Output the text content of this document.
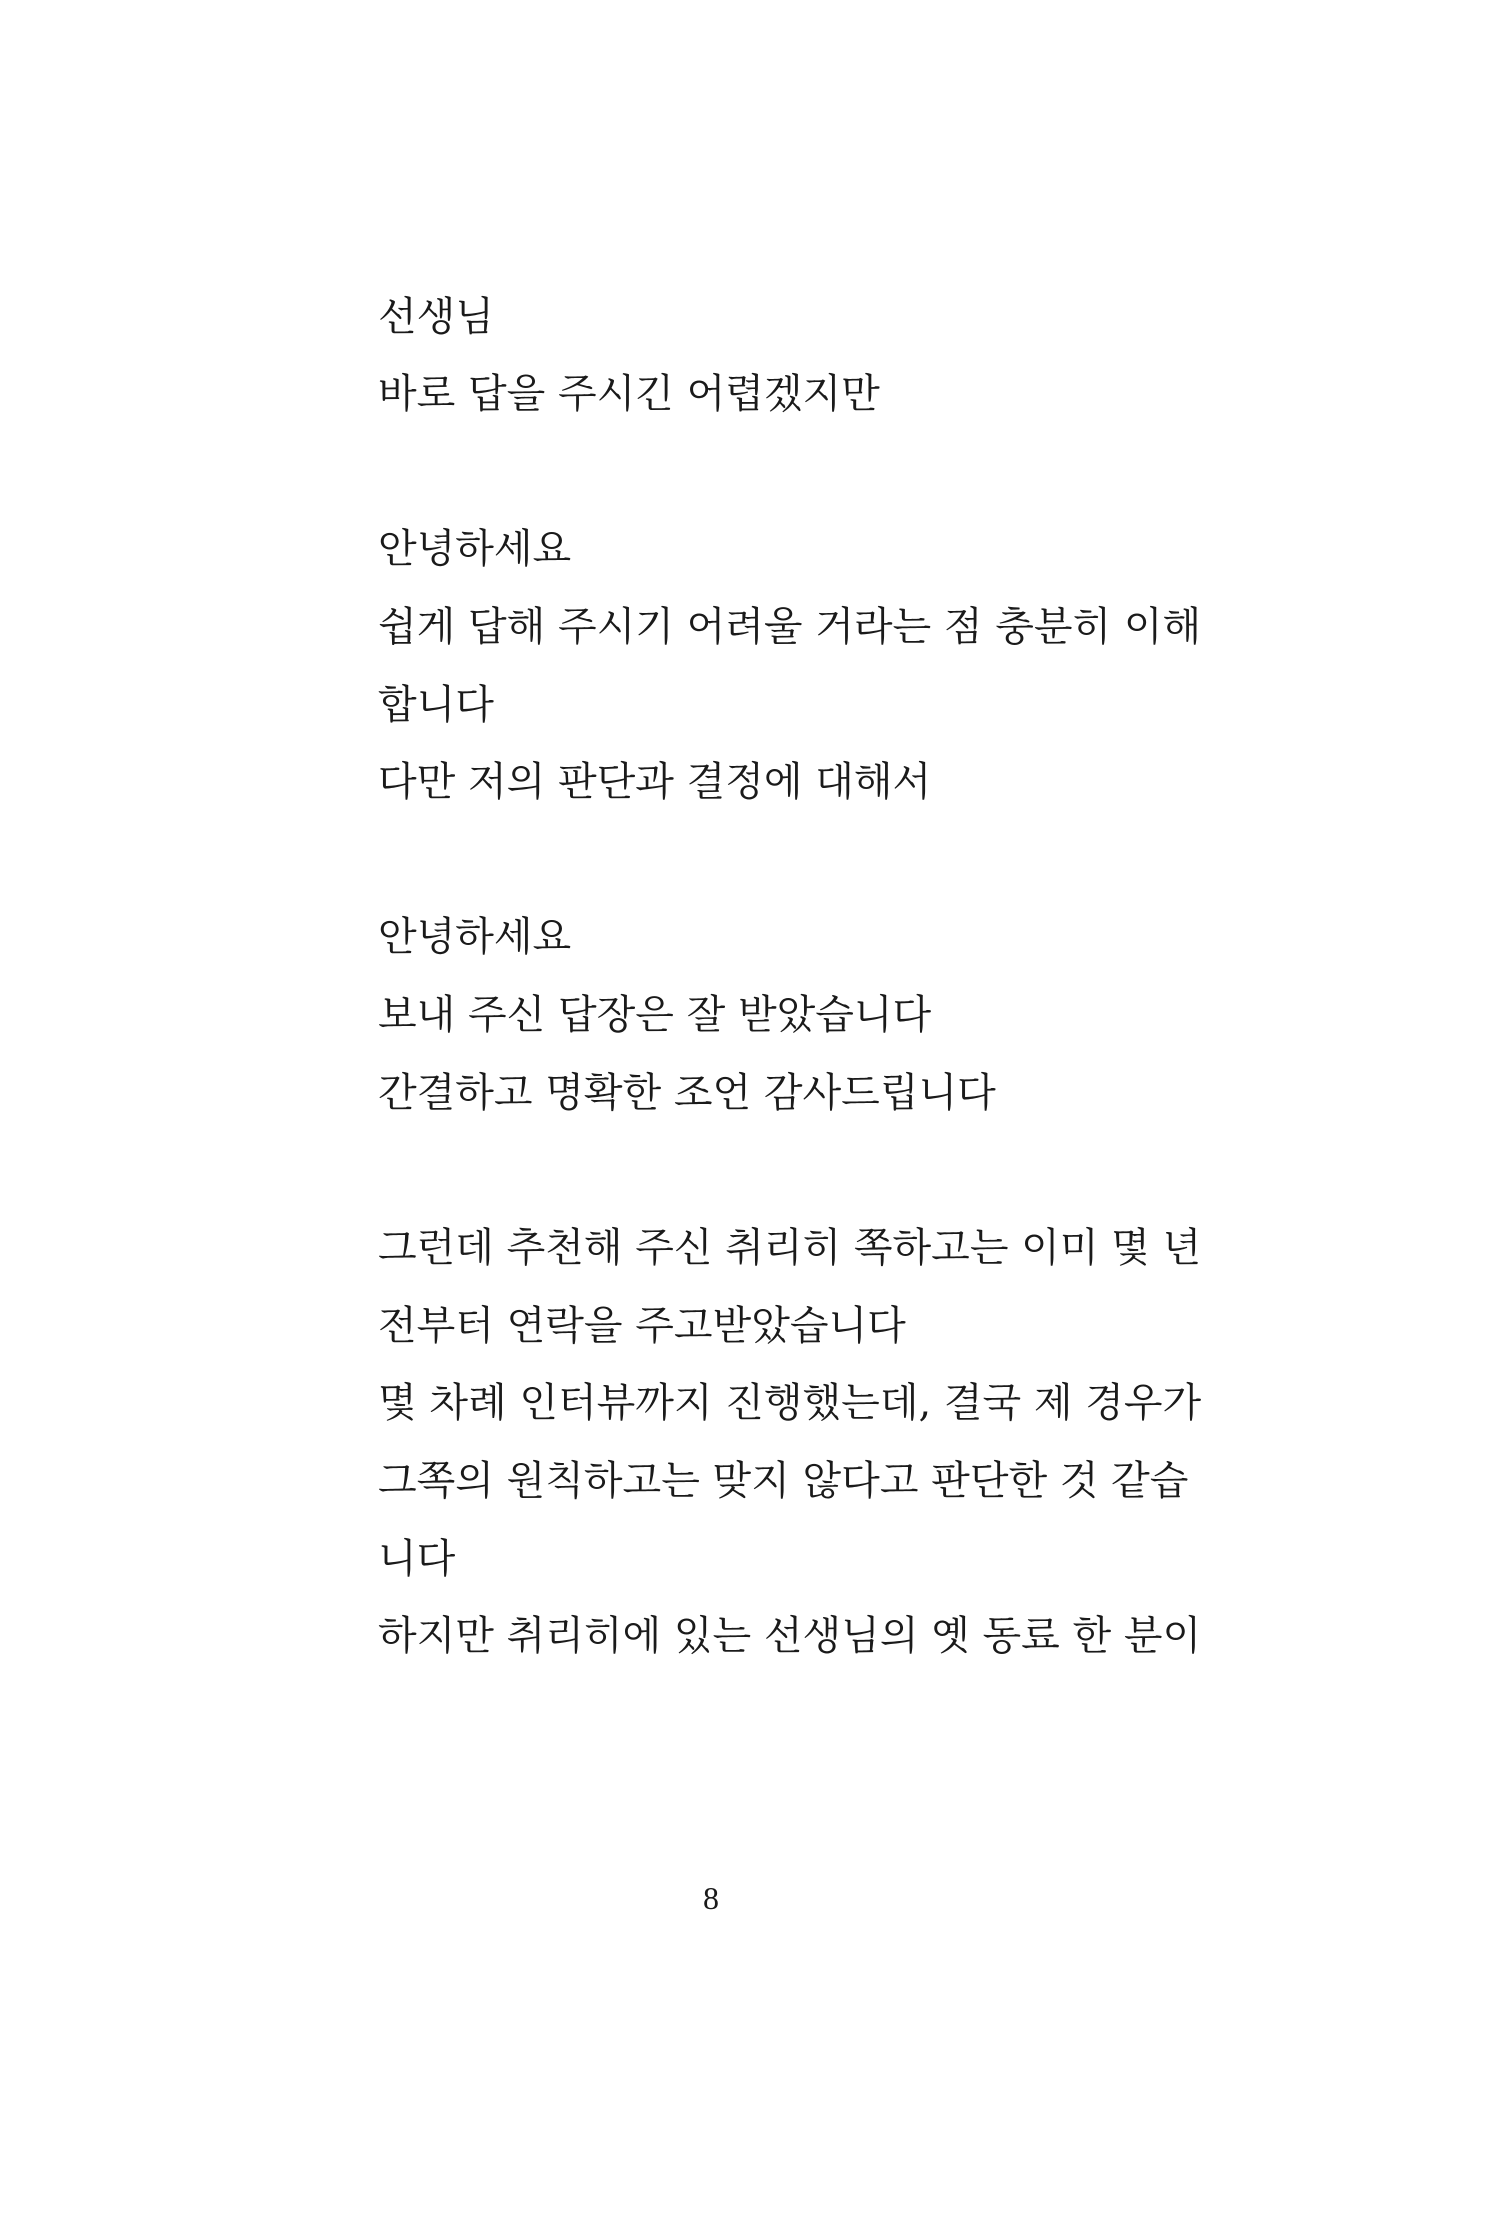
선생님
바로 답을 주시긴 어렵겠지만
안녕하세요
쉽게 답해 주시기 어려울 거라는 점 충분히 이해
합니다
다만 저의 판단과 결정에 대해서
안녕하세요
보내 주신 답장은 잘 받았습니다
간결하고 명확한 조언 감사드립니다
그런데 추천해 주신 취리히 쪽하고는 이미 몇 년
전부터 연락을 주고받았습니다
몇 차례 인터뷰까지 진행했는데, 결국 제 경우가
그쪽의 원칙하고는 맞지 않다고 판단한 것 같습
니다
하지만 취리히에 있는 선생님의 옛 동료 한 분이
8
